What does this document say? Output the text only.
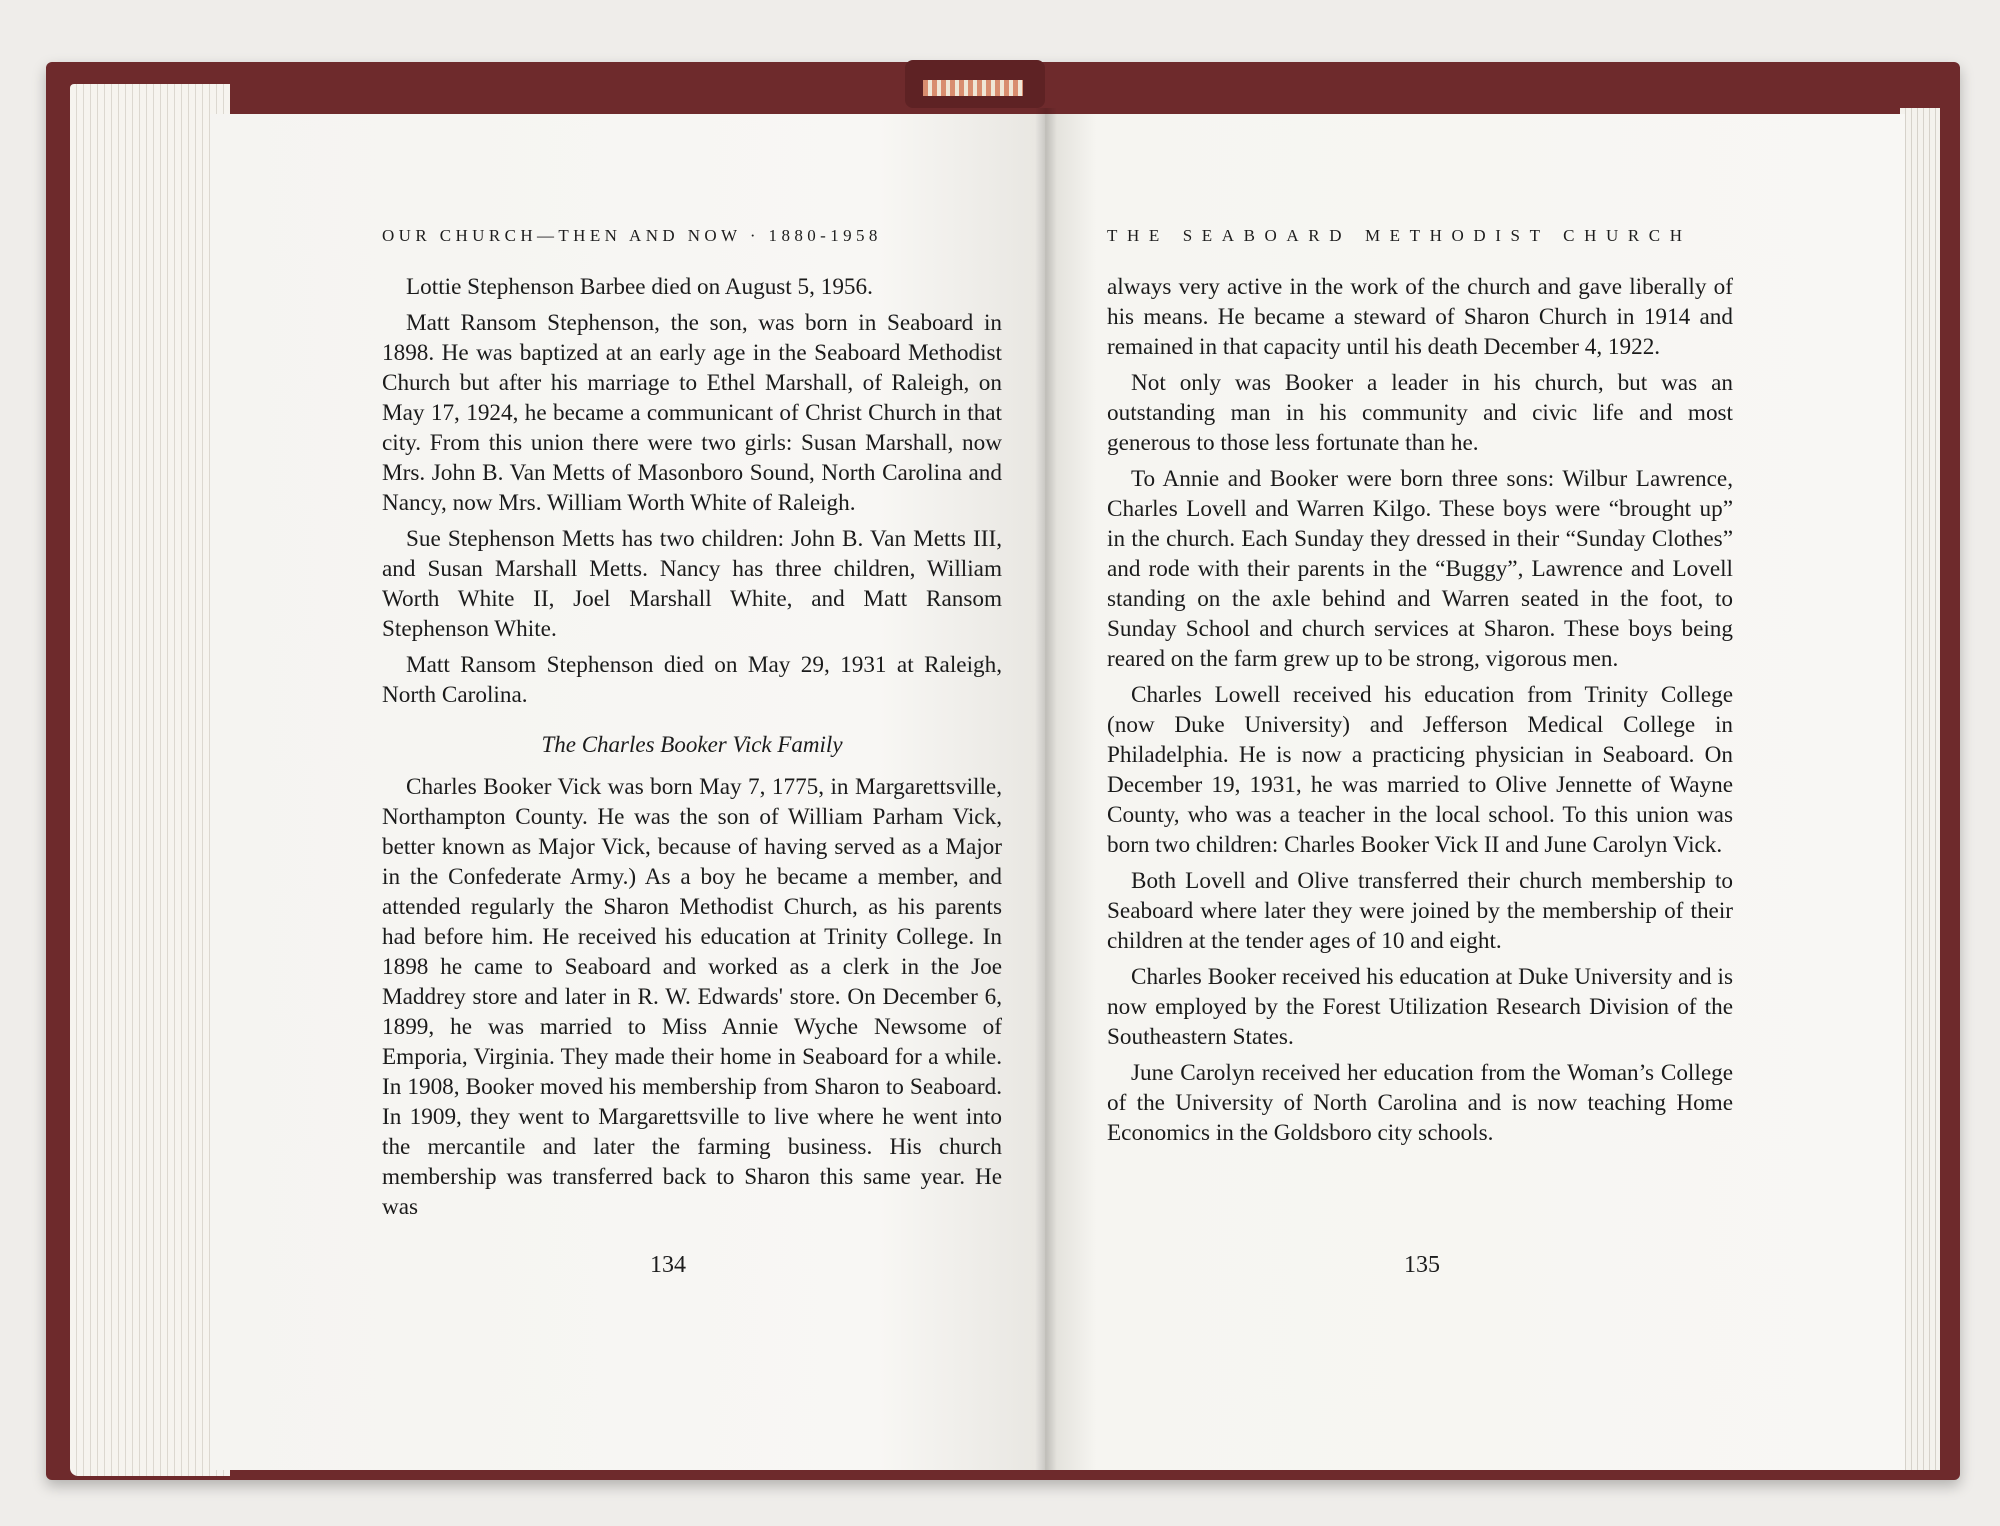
OUR CHURCH—THEN AND NOW · 1880-1958

Lottie Stephenson Barbee died on August 5, 1956.

Matt Ransom Stephenson, the son, was born in Seaboard in 1898. He was baptized at an early age in the Seaboard Methodist Church but after his marriage to Ethel Marshall, of Raleigh, on May 17, 1924, he became a communicant of Christ Church in that city. From this union there were two girls: Susan Marshall, now Mrs. John B. Van Metts of Masonboro Sound, North Carolina and Nancy, now Mrs. William Worth White of Raleigh.

Sue Stephenson Metts has two children: John B. Van Metts III, and Susan Marshall Metts. Nancy has three children, William Worth White II, Joel Marshall White, and Matt Ransom Stephenson White.

Matt Ransom Stephenson died on May 29, 1931 at Raleigh, North Carolina.

The Charles Booker Vick Family

Charles Booker Vick was born May 7, 1775, in Margarettsville, Northampton County. He was the son of William Parham Vick, better known as Major Vick, because of having served as a Major in the Confederate Army.) As a boy he became a member, and attended regularly the Sharon Methodist Church, as his parents had before him. He received his education at Trinity College. In 1898 he came to Seaboard and worked as a clerk in the Joe Maddrey store and later in R. W. Edwards' store. On December 6, 1899, he was married to Miss Annie Wyche Newsome of Emporia, Virginia. They made their home in Seaboard for a while. In 1908, Booker moved his membership from Sharon to Seaboard. In 1909, they went to Margarettsville to live where he went into the mercantile and later the farming business. His church membership was transferred back to Sharon this same year. He was

134
THE SEABOARD METHODIST CHURCH

always very active in the work of the church and gave liberally of his means. He became a steward of Sharon Church in 1914 and remained in that capacity until his death December 4, 1922.

Not only was Booker a leader in his church, but was an outstanding man in his community and civic life and most generous to those less fortunate than he.

To Annie and Booker were born three sons: Wilbur Lawrence, Charles Lovell and Warren Kilgo. These boys were “brought up” in the church. Each Sunday they dressed in their “Sunday Clothes” and rode with their parents in the “Buggy”, Lawrence and Lovell standing on the axle behind and Warren seated in the foot, to Sunday School and church services at Sharon. These boys being reared on the farm grew up to be strong, vigorous men.

Charles Lowell received his education from Trinity College (now Duke University) and Jefferson Medical College in Philadelphia. He is now a practicing physician in Seaboard. On December 19, 1931, he was married to Olive Jennette of Wayne County, who was a teacher in the local school. To this union was born two children: Charles Booker Vick II and June Carolyn Vick.

Both Lovell and Olive transferred their church membership to Seaboard where later they were joined by the membership of their children at the tender ages of 10 and eight.

Charles Booker received his education at Duke University and is now employed by the Forest Utilization Research Division of the Southeastern States.

June Carolyn received her education from the Woman’s College of the University of North Carolina and is now teaching Home Economics in the Goldsboro city schools.

135
